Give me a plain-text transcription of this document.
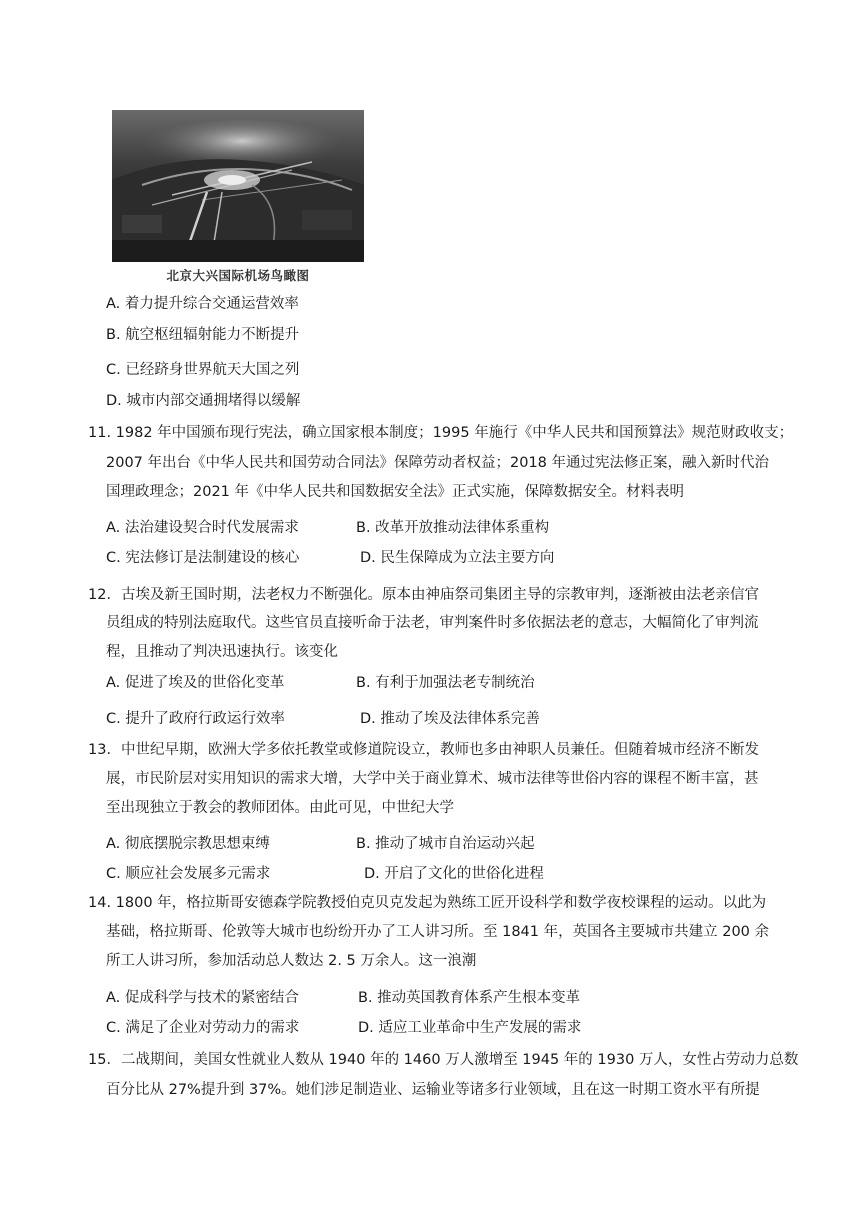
北京大兴国际机场鸟瞰图
A. 着力提升综合交通运营效率
B. 航空枢纽辐射能力不断提升
C. 已经跻身世界航天大国之列
D. 城市内部交通拥堵得以缓解
11. 1982 年中国颁布现行宪法，确立国家根本制度；1995 年施行《中华人民共和国预算法》规范财政收支；
2007 年出台《中华人民共和国劳动合同法》保障劳动者权益；2018 年通过宪法修正案，融入新时代治
国理政理念；2021 年《中华人民共和国数据安全法》正式实施，保障数据安全。材料表明
A. 法治建设契合时代发展需求	B. 改革开放推动法律体系重构
C. 宪法修订是法制建设的核心	D. 民生保障成为立法主要方向
12．古埃及新王国时期，法老权力不断强化。原本由神庙祭司集团主导的宗教审判，逐渐被由法老亲信官
员组成的特别法庭取代。这些官员直接听命于法老，审判案件时多依据法老的意志，大幅简化了审判流
程，且推动了判决迅速执行。该变化
A. 促进了埃及的世俗化变革	B. 有利于加强法老专制统治
C. 提升了政府行政运行效率	D. 推动了埃及法律体系完善
13．中世纪早期，欧洲大学多依托教堂或修道院设立，教师也多由神职人员兼任。但随着城市经济不断发
展，市民阶层对实用知识的需求大增，大学中关于商业算术、城市法律等世俗内容的课程不断丰富，甚
至出现独立于教会的教师团体。由此可见，中世纪大学
A. 彻底摆脱宗教思想束缚	B. 推动了城市自治运动兴起
C. 顺应社会发展多元需求	D. 开启了文化的世俗化进程
14. 1800 年，格拉斯哥安德森学院教授伯克贝克发起为熟练工匠开设科学和数学夜校课程的运动。以此为
基础，格拉斯哥、伦敦等大城市也纷纷开办了工人讲习所。至 1841 年，英国各主要城市共建立 200 余
所工人讲习所，参加活动总人数达 2. 5 万余人。这一浪潮
A. 促成科学与技术的紧密结合	B. 推动英国教育体系产生根本变革
C. 满足了企业对劳动力的需求	D. 适应工业革命中生产发展的需求
15．二战期间，美国女性就业人数从 1940 年的 1460 万人激增至 1945 年的 1930 万人，女性占劳动力总数
百分比从 27%提升到 37%。她们涉足制造业、运输业等诸多行业领域，且在这一时期工资水平有所提
